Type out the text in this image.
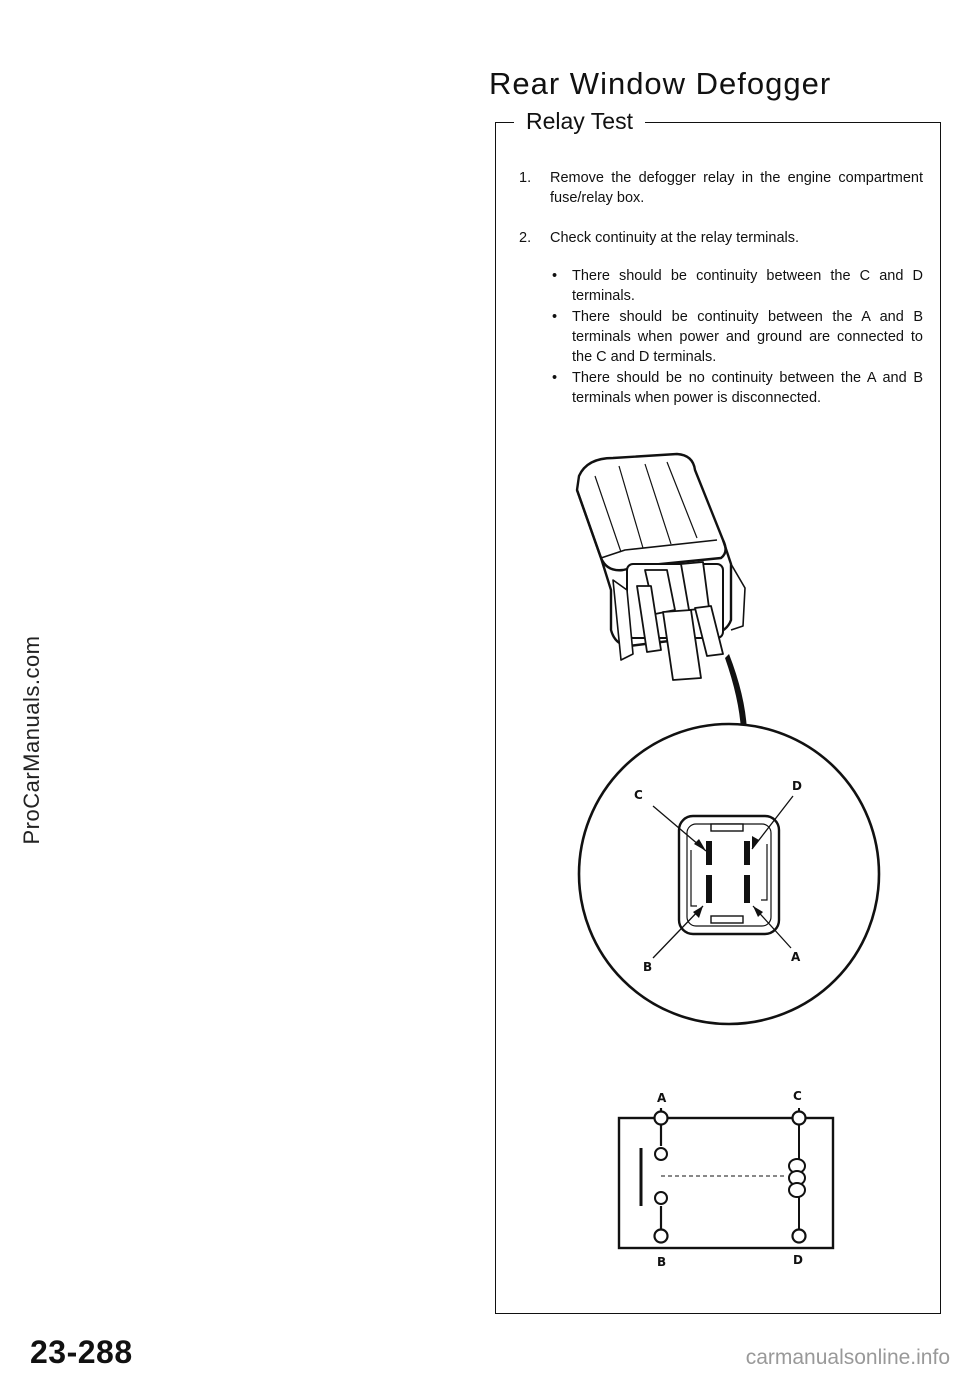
ProCarManuals.com
Rear Window Defogger
Relay Test
1. Remove the defogger relay in the engine compartment fuse/relay box.
2. Check continuity at the relay terminals.
• There should be continuity between the C and D terminals.
• There should be continuity between the A and B terminals when power and ground are connected to the C and D terminals.
• There should be no continuity between the A and B terminals when power is disconnected.
C
D
B
A
A	C
B	D
23-288	carmanualsonline.info
